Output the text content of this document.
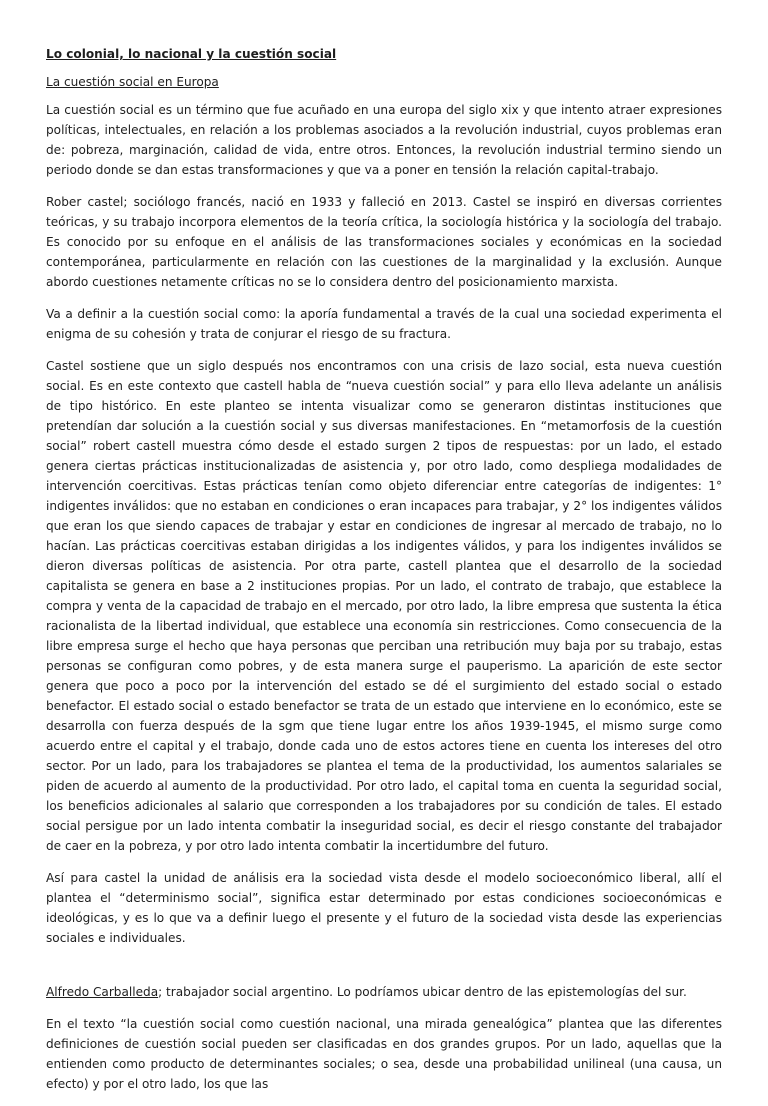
Lo colonial, lo nacional y la cuestión social
La cuestión social en Europa

La cuestión social es un término que fue acuñado en una europa del siglo xix y que intento atraer expresiones políticas, intelectuales, en relación a los problemas asociados a la revolución industrial, cuyos problemas eran de: pobreza, marginación, calidad de vida, entre otros. Entonces, la revolución industrial termino siendo un periodo donde se dan estas transformaciones y que va a poner en tensión la relación capital-trabajo.

Rober castel; sociólogo francés, nació en 1933 y falleció en 2013. Castel se inspiró en diversas corrientes teóricas, y su trabajo incorpora elementos de la teoría crítica, la sociología histórica y la sociología del trabajo. Es conocido por su enfoque en el análisis de las transformaciones sociales y económicas en la sociedad contemporánea, particularmente en relación con las cuestiones de la marginalidad y la exclusión. Aunque abordo cuestiones netamente críticas no se lo considera dentro del posicionamiento marxista.

Va a definir a la cuestión social como: la aporía fundamental a través de la cual una sociedad experimenta el enigma de su cohesión y trata de conjurar el riesgo de su fractura.

Castel sostiene que un siglo después nos encontramos con una crisis de lazo social, esta nueva cuestión social. Es en este contexto que castell habla de “nueva cuestión social” y para ello lleva adelante un análisis de tipo histórico. En este planteo se intenta visualizar como se generaron distintas instituciones que pretendían dar solución a la cuestión social y sus diversas manifestaciones. En “metamorfosis de la cuestión social” robert castell muestra cómo desde el estado surgen 2 tipos de respuestas: por un lado, el estado genera ciertas prácticas institucionalizadas de asistencia y, por otro lado, como despliega modalidades de intervención coercitivas. Estas prácticas tenían como objeto diferenciar entre categorías de indigentes: 1° indigentes inválidos: que no estaban en condiciones o eran incapaces para trabajar, y 2° los indigentes válidos que eran los que siendo capaces de trabajar y estar en condiciones de ingresar al mercado de trabajo, no lo hacían. Las prácticas coercitivas estaban dirigidas a los indigentes válidos, y para los indigentes inválidos se dieron diversas políticas de asistencia. Por otra parte, castell plantea que el desarrollo de la sociedad capitalista se genera en base a 2 instituciones propias. Por un lado, el contrato de trabajo, que establece la compra y venta de la capacidad de trabajo en el mercado, por otro lado, la libre empresa que sustenta la ética racionalista de la libertad individual, que establece una economía sin restricciones. Como consecuencia de la libre empresa surge el hecho que haya personas que perciban una retribución muy baja por su trabajo, estas personas se configuran como pobres, y de esta manera surge el pauperismo. La aparición de este sector genera que poco a poco por la intervención del estado se dé el surgimiento del estado social o estado benefactor. El estado social o estado benefactor se trata de un estado que interviene en lo económico, este se desarrolla con fuerza después de la sgm que tiene lugar entre los años 1939-1945, el mismo surge como acuerdo entre el capital y el trabajo, donde cada uno de estos actores tiene en cuenta los intereses del otro sector. Por un lado, para los trabajadores se plantea el tema de la productividad, los aumentos salariales se piden de acuerdo al aumento de la productividad. Por otro lado, el capital toma en cuenta la seguridad social, los beneficios adicionales al salario que corresponden a los trabajadores por su condición de tales. El estado social persigue por un lado intenta combatir la inseguridad social, es decir el riesgo constante del trabajador de caer en la pobreza, y por otro lado intenta combatir la incertidumbre del futuro.

Así para castel la unidad de análisis era la sociedad vista desde el modelo socioeconómico liberal, allí el plantea el “determinismo social”, significa estar determinado por estas condiciones socioeconómicas e ideológicas, y es lo que va a definir luego el presente y el futuro de la sociedad vista desde las experiencias sociales e individuales.

Alfredo Carballeda; trabajador social argentino. Lo podríamos ubicar dentro de las epistemologías del sur.

En el texto “la cuestión social como cuestión nacional, una mirada genealógica” plantea que las diferentes definiciones de cuestión social pueden ser clasificadas en dos grandes grupos. Por un lado, aquellas que la entienden como producto de determinantes sociales; o sea, desde una probabilidad unilineal (una causa, un efecto) y por el otro lado, los que las
